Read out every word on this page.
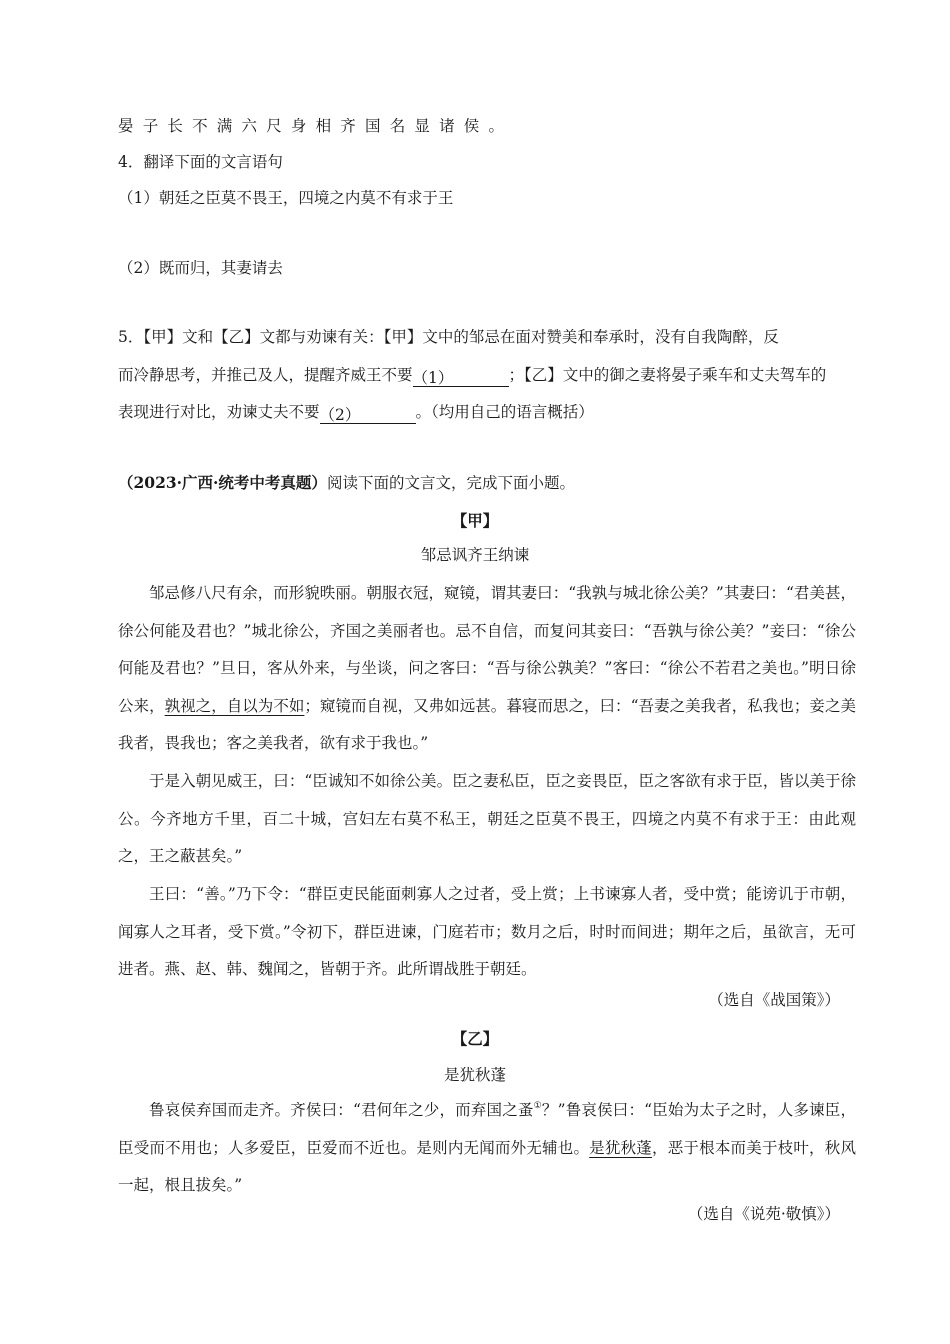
晏子长不满六尺身相齐国名显诸侯。
4．翻译下面的文言语句
（1）朝廷之臣莫不畏王，四境之内莫不有求于王
（2）既而归，其妻请去
5．【甲】文和【乙】文都与劝谏有关：【甲】文中的邹忌在面对赞美和奉承时，没有自我陶醉，反
而冷静思考，并推己及人，提醒齐威王不要（1）	；【乙】文中的御之妻将晏子乘车和丈夫驾车的
表现进行对比，劝谏丈夫不要（2）	。（均用自己的语言概括）
（2023·广西·统考中考真题）阅读下面的文言文，完成下面小题。
【甲】
邹忌讽齐王纳谏
邹忌修八尺有余，而形貌昳丽。朝服衣冠，窥镜，谓其妻曰：“我孰与城北徐公美？”其妻曰：“君美甚，徐公何能及君也？”城北徐公，齐国之美丽者也。忌不自信，而复问其妾曰：“吾孰与徐公美？”妾曰：“徐公何能及君也？”旦日，客从外来，与坐谈，问之客曰：“吾与徐公孰美？”客曰：“徐公不若君之美也。”明日徐公来，孰视之，自以为不如；窥镜而自视，又弗如远甚。暮寝而思之，曰：“吾妻之美我者，私我也；妾之美我者，畏我也；客之美我者，欲有求于我也。”
于是入朝见威王，曰：“臣诚知不如徐公美。臣之妻私臣，臣之妾畏臣，臣之客欲有求于臣，皆以美于徐公。今齐地方千里，百二十城，宫妇左右莫不私王，朝廷之臣莫不畏王，四境之内莫不有求于王：由此观之，王之蔽甚矣。”
王曰：“善。”乃下令：“群臣吏民能面刺寡人之过者，受上赏；上书谏寡人者，受中赏；能谤讥于市朝，闻寡人之耳者，受下赏。”令初下，群臣进谏，门庭若市；数月之后，时时而间进；期年之后，虽欲言，无可进者。燕、赵、韩、魏闻之，皆朝于齐。此所谓战胜于朝廷。
（选自《战国策》）
【乙】
是犹秋蓬
鲁哀侯弃国而走齐。齐侯曰：“君何年之少，而弃国之蚤①？”鲁哀侯曰：“臣始为太子之时，人多谏臣，臣受而不用也；人多爱臣，臣爱而不近也。是则内无闻而外无辅也。是犹秋蓬，恶于根本而美于枝叶，秋风一起，根且拔矣。”
（选自《说苑·敬慎》）
